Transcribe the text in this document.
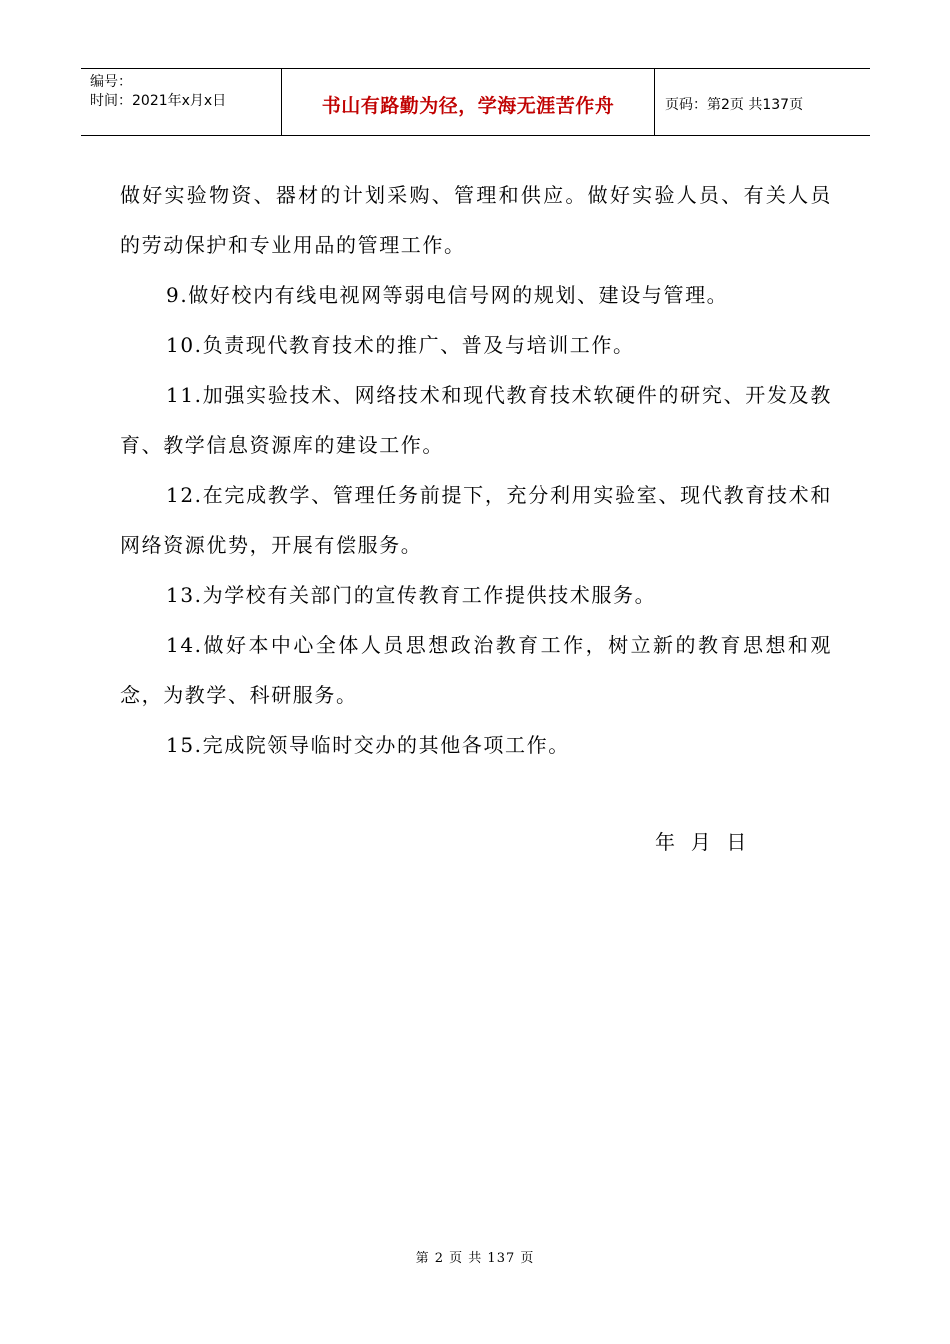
编号：
时间：2021年x月x日	书山有路勤为径，学海无涯苦作舟	页码：第2页 共137页

做好实验物资、器材的计划采购、管理和供应。做好实验人员、有关人员的劳动保护和专业用品的管理工作。

9.做好校内有线电视网等弱电信号网的规划、建设与管理。

10.负责现代教育技术的推广、普及与培训工作。

11.加强实验技术、网络技术和现代教育技术软硬件的研究、开发及教育、教学信息资源库的建设工作。

12.在完成教学、管理任务前提下，充分利用实验室、现代教育技术和网络资源优势，开展有偿服务。

13.为学校有关部门的宣传教育工作提供技术服务。

14.做好本中心全体人员思想政治教育工作，树立新的教育思想和观念，为教学、科研服务。

15.完成院领导临时交办的其他各项工作。

年  月  日
第 2 页 共 137 页
